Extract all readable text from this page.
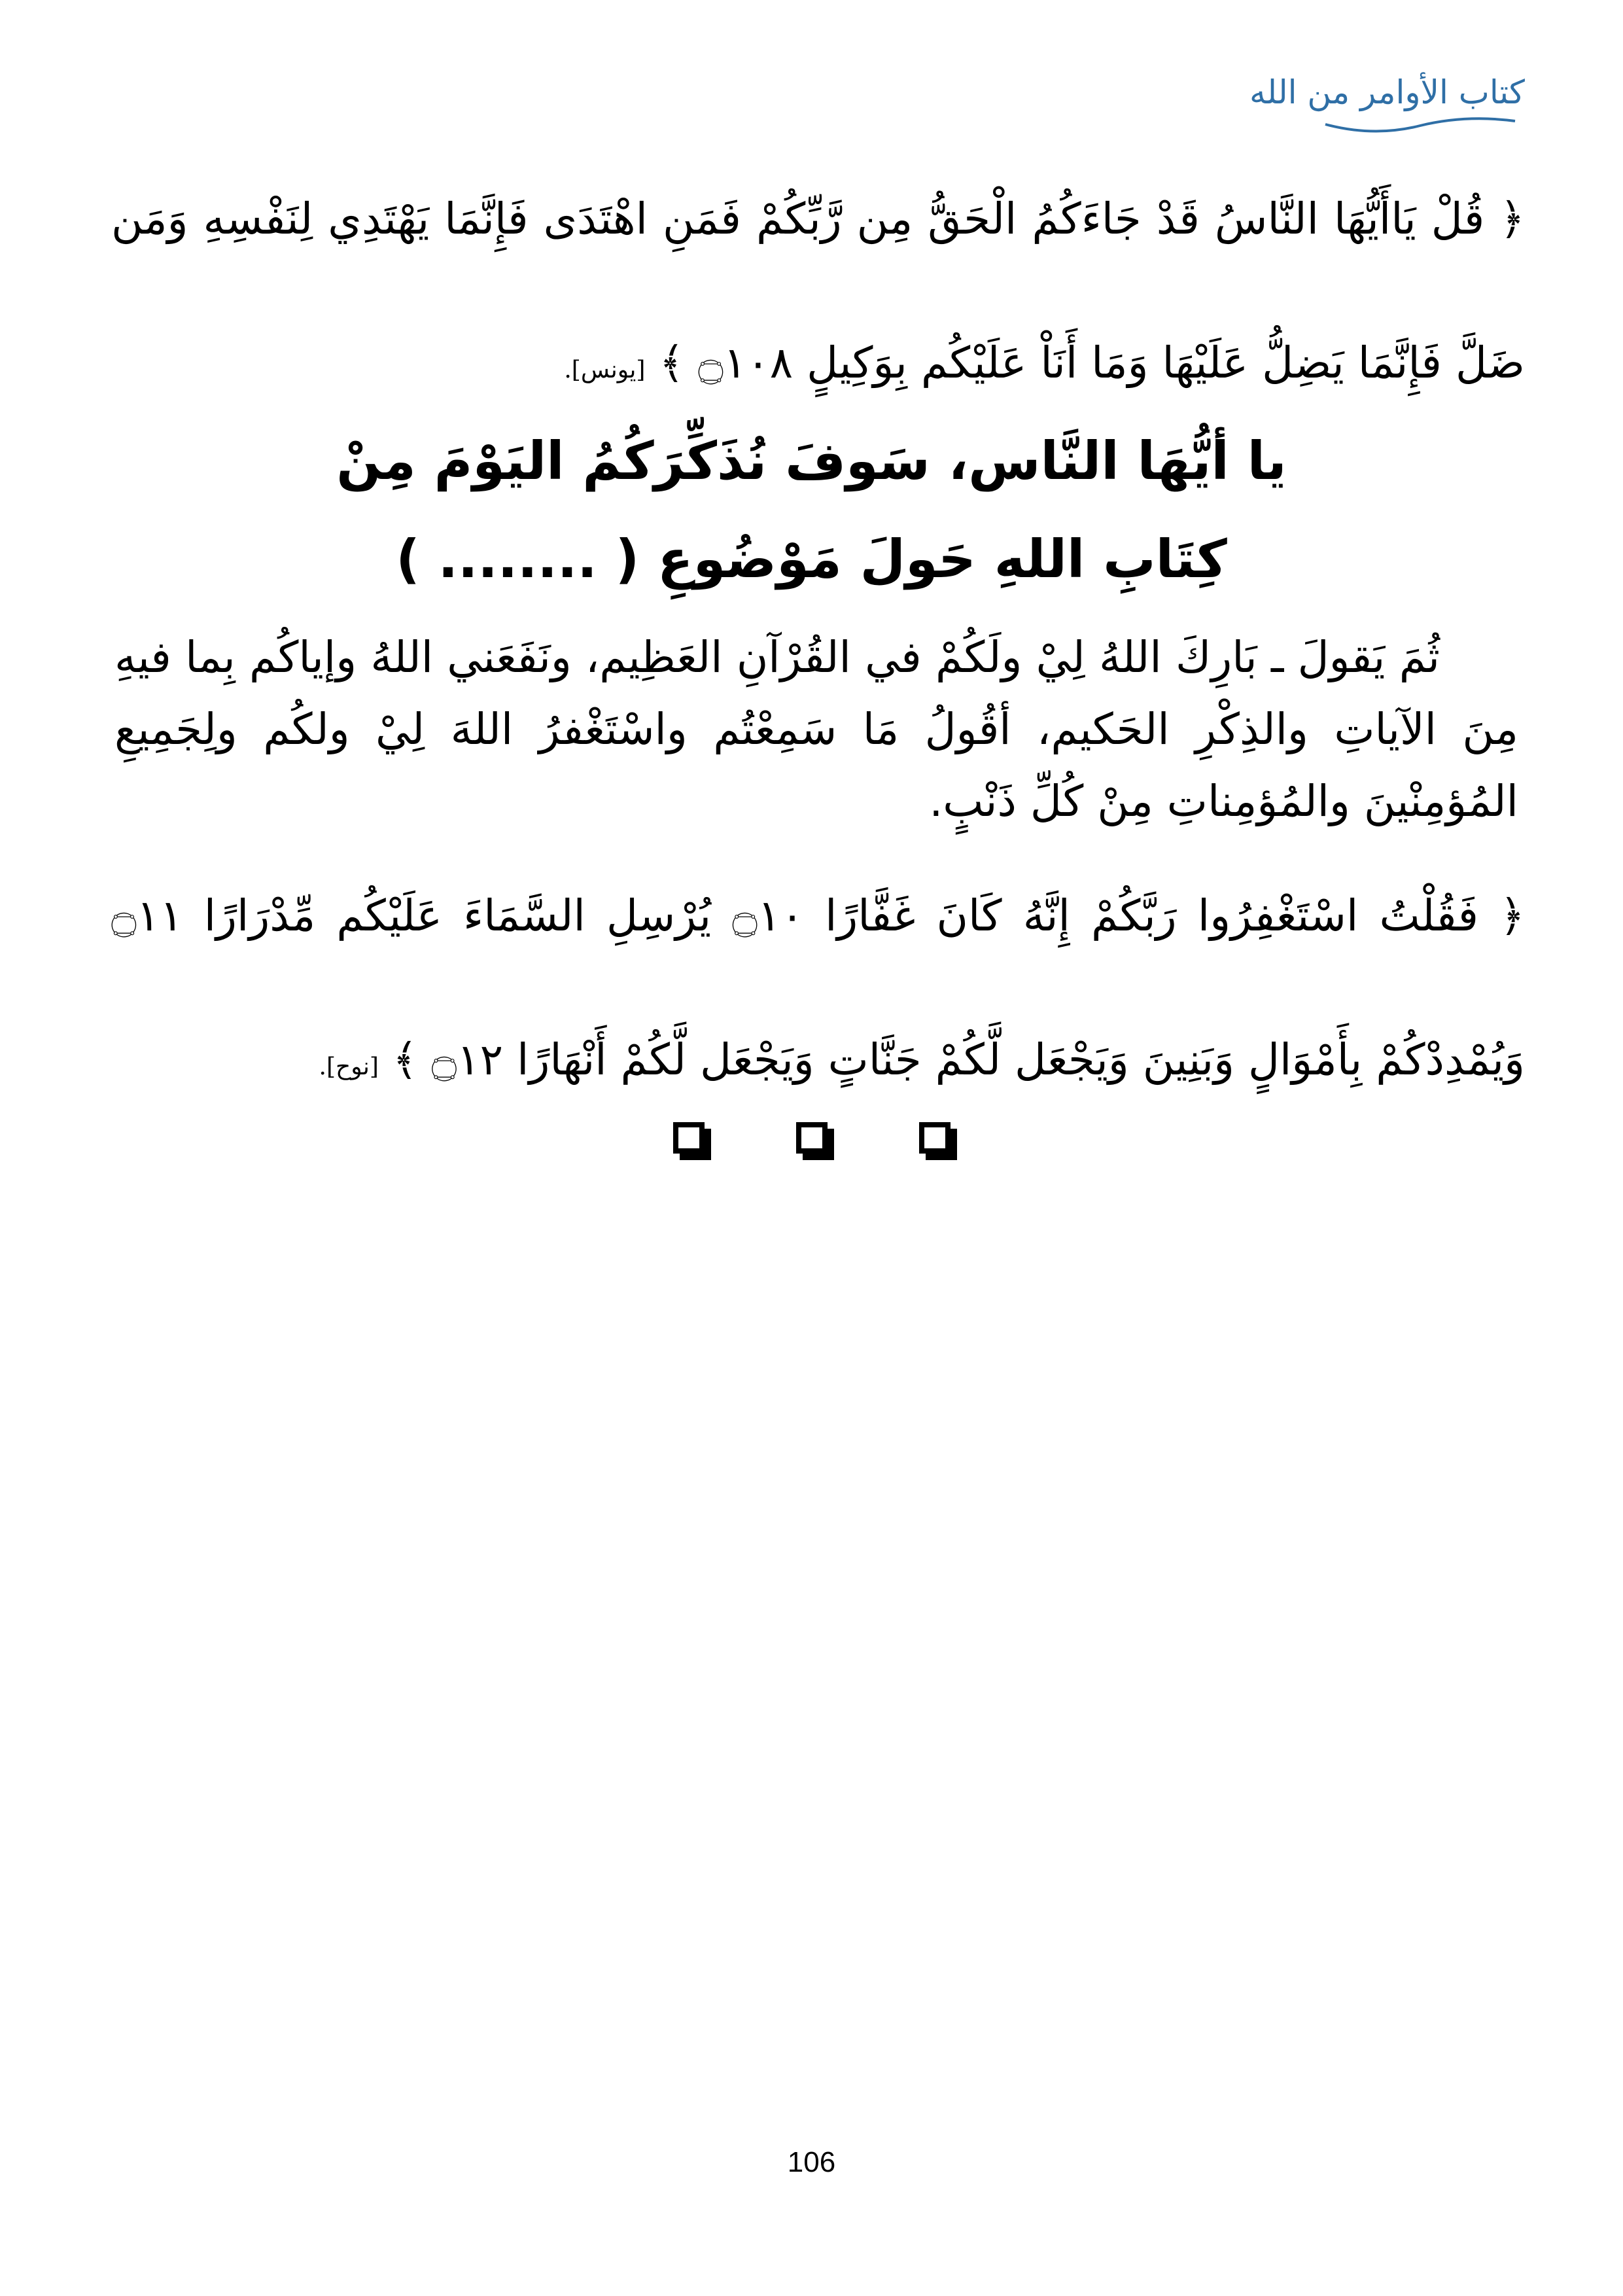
كتاب الأوامر من الله
﴿ قُلْ يَاأَيُّهَا النَّاسُ قَدْ جَاءَكُمُ الْحَقُّ مِن رَّبِّكُمْ فَمَنِ اهْتَدَى فَإِنَّمَا يَهْتَدِي لِنَفْسِهِ وَمَن ضَلَّ فَإِنَّمَا يَضِلُّ عَلَيْهَا وَمَا أَنَاْ عَلَيْكُم بِوَكِيلٍ ۝١٠٨ ﴾ [يونس].
يا أيُّهَا النَّاس، سَوفَ نُذَكِّرَكُمُ اليَوْمَ مِنْ
كِتَابِ اللهِ حَولَ مَوْضُوعِ ( ........ )
ثُمَ يَقولَ ـ بَارِكَ اللهُ لِيْ ولَكُمْ في القُرْآنِ العَظِيم، ونَفَعَني اللهُ وإياكُم بِما فيهِ مِنَ الآياتِ والذِكْرِ الحَكيم، أقُولُ مَا سَمِعْتُم واسْتَغْفرُ اللهَ لِيْ ولكُم ولِجَمِيعِ المُؤمِنْينَ والمُؤمِناتِ مِنْ كُلِّ ذَنْبٍ.
﴿ فَقُلْتُ اسْتَغْفِرُوا رَبَّكُمْ إِنَّهُ كَانَ غَفَّارًا ۝١٠ يُرْسِلِ السَّمَاءَ عَلَيْكُم مِّدْرَارًا ۝١١ وَيُمْدِدْكُمْ بِأَمْوَالٍ وَبَنِينَ وَيَجْعَل لَّكُمْ جَنَّاتٍ وَيَجْعَل لَّكُمْ أَنْهَارًا ۝١٢ ﴾ [نوح].
106
